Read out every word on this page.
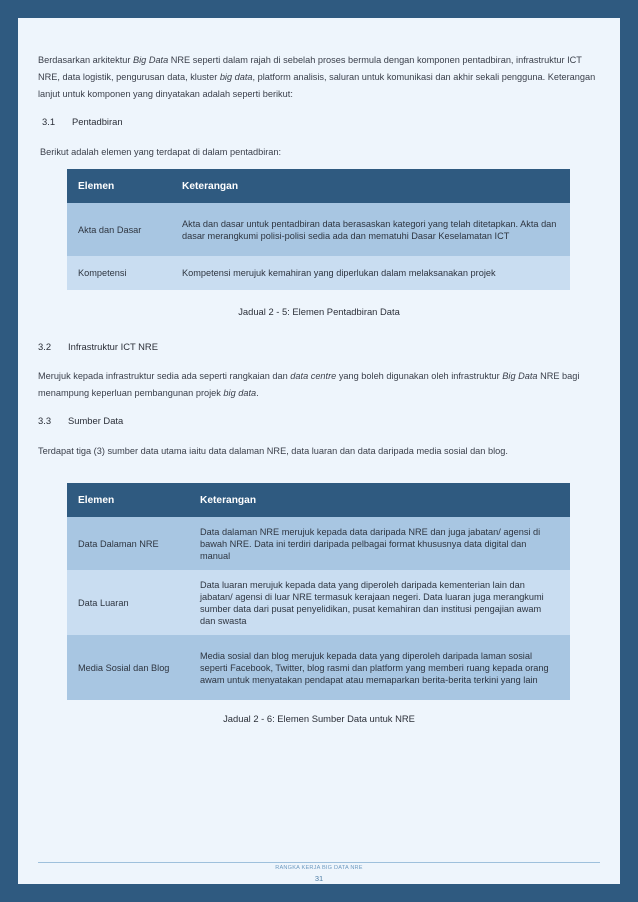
Berdasarkan arkitektur Big Data NRE seperti dalam rajah di sebelah proses bermula dengan komponen pentadbiran, infrastruktur ICT NRE, data logistik, pengurusan data, kluster big data, platform analisis, saluran untuk komunikasi dan akhir sekali pengguna. Keterangan lanjut untuk komponen yang dinyatakan adalah seperti berikut:

3.1 Pentadbiran

Berikut adalah elemen yang terdapat di dalam pentadbiran:

Elemen	Keterangan
Akta dan Dasar	Akta dan dasar untuk pentadbiran data berasaskan kategori yang telah ditetapkan. Akta dan dasar merangkumi polisi-polisi sedia ada dan mematuhi Dasar Keselamatan ICT
Kompetensi	Kompetensi merujuk kemahiran yang diperlukan dalam melaksanakan projek
Jadual 2 - 5: Elemen Pentadbiran Data
3.2 Infrastruktur ICT NRE

Merujuk kepada infrastruktur sedia ada seperti rangkaian dan data centre yang boleh digunakan oleh infrastruktur Big Data NRE bagi menampung keperluan pembangunan projek big data.

3.3 Sumber Data

Terdapat tiga (3) sumber data utama iaitu data dalaman NRE, data luaran dan data daripada media sosial dan blog.

Elemen	Keterangan
Data Dalaman NRE	Data dalaman NRE merujuk kepada data daripada NRE dan juga jabatan/ agensi di bawah NRE. Data ini terdiri daripada pelbagai format khususnya data digital dan manual
Data Luaran	Data luaran merujuk kepada data yang diperoleh daripada kementerian lain dan jabatan/ agensi di luar NRE termasuk kerajaan negeri. Data luaran juga merangkumi sumber data dari pusat penyelidikan, pusat kemahiran dan institusi pengajian awam dan swasta
Media Sosial dan Blog	Media sosial dan blog merujuk kepada data yang diperoleh daripada laman sosial seperti Facebook, Twitter, blog rasmi dan platform yang memberi ruang kepada orang awam untuk menyatakan pendapat atau memaparkan berita-berita terkini yang lain
Jadual 2 - 6: Elemen Sumber Data untuk NRE
RANGKA KERJA BIG DATA NRE
31
